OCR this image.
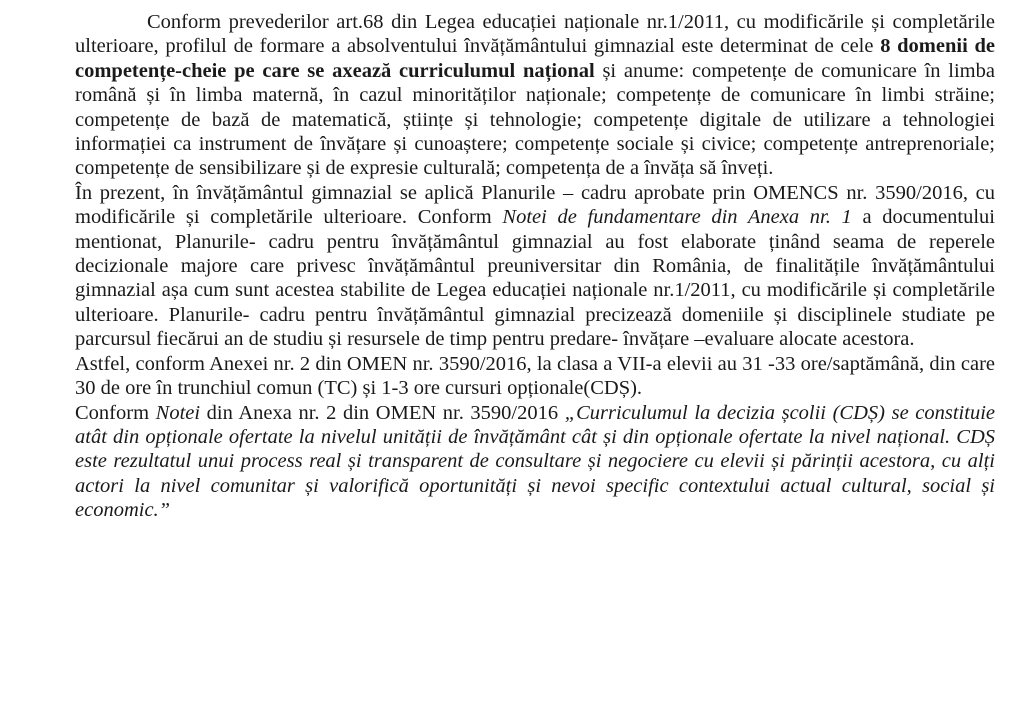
Conform prevederilor art.68 din Legea educației naționale nr.1/2011, cu modificările și completările ulterioare, profilul de formare a absolventului învățământului gimnazial este determinat de cele 8 domenii de competențe-cheie pe care se axează curriculumul național și anume: competențe de comunicare în limba română și în limba maternă, în cazul minorităților naționale; competențe de comunicare în limbi străine; competențe de bază de matematică, științe și tehnologie; competențe digitale de utilizare a tehnologiei informației ca instrument de învățare și cunoaștere; competențe sociale și civice; competențe antreprenoriale; competențe de sensibilizare și de expresie culturală; competența de a învăța să înveți.

În prezent, în învățământul gimnazial se aplică Planurile – cadru aprobate prin OMENCS nr. 3590/2016, cu modificările și completările ulterioare. Conform Notei de fundamentare din Anexa nr. 1 a documentului mentionat, Planurile- cadru pentru învățământul gimnazial au fost elaborate ținând seama de reperele decizionale majore care privesc învățământul preuniversitar din România, de finalitățile învățământului gimnazial așa cum sunt acestea stabilite de Legea educației naționale nr.1/2011, cu modificările și completările ulterioare. Planurile- cadru pentru învățământul gimnazial precizează domeniile și disciplinele studiate pe parcursul fiecărui an de studiu și resursele de timp pentru predare- învățare –evaluare alocate acestora.

Astfel, conform Anexei nr. 2 din OMEN nr. 3590/2016, la clasa a VII-a elevii au 31 -33 ore/saptămână, din care 30 de ore în trunchiul comun (TC) și 1-3 ore cursuri opționale(CDȘ).

Conform Notei din Anexa nr. 2 din OMEN nr. 3590/2016 „Curriculumul la decizia școlii (CDȘ) se constituie atât din opționale ofertate la nivelul unității de învățământ cât și din opționale ofertate la nivel național. CDȘ este rezultatul unui process real și transparent de consultare și negociere cu elevii și părinții acestora, cu alți actori la nivel comunitar și valorifică oportunități și nevoi specific contextului actual cultural, social și economic.”
